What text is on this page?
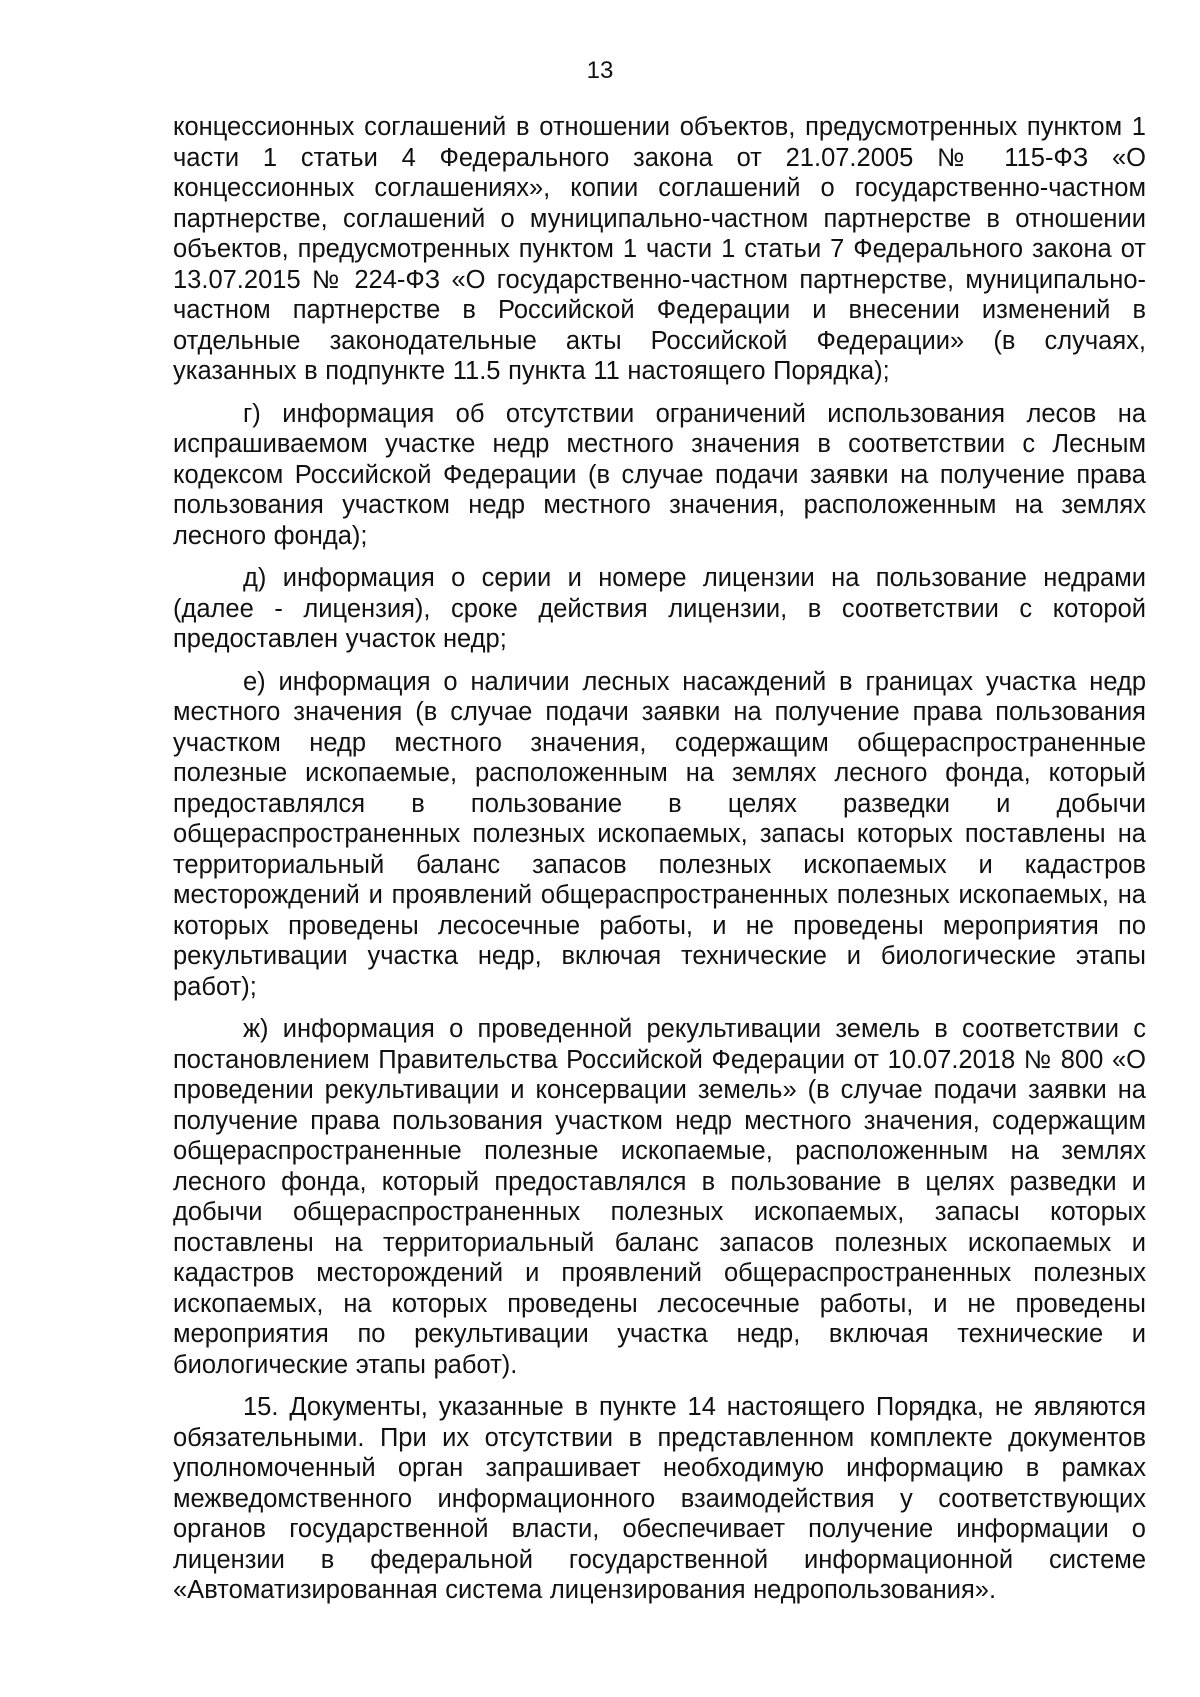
13

концессионных соглашений в отношении объектов, предусмотренных пунктом 1 части 1 статьи 4 Федерального закона от 21.07.2005 № 115-ФЗ «О концессионных соглашениях», копии соглашений о государственно-частном партнерстве, соглашений о муниципально-частном партнерстве в отношении объектов, предусмотренных пунктом 1 части 1 статьи 7 Федерального закона от 13.07.2015 № 224-ФЗ «О государственно-частном партнерстве, муниципально-частном партнерстве в Российской Федерации и внесении изменений в отдельные законодательные акты Российской Федерации» (в случаях, указанных в подпункте 11.5 пункта 11 настоящего Порядка);

г) информация об отсутствии ограничений использования лесов на испрашиваемом участке недр местного значения в соответствии с Лесным кодексом Российской Федерации (в случае подачи заявки на получение права пользования участком недр местного значения, расположенным на землях лесного фонда);

д) информация о серии и номере лицензии на пользование недрами (далее - лицензия), сроке действия лицензии, в соответствии с которой предоставлен участок недр;

е) информация о наличии лесных насаждений в границах участка недр местного значения (в случае подачи заявки на получение права пользования участком недр местного значения, содержащим общераспространенные полезные ископаемые, расположенным на землях лесного фонда, который предоставлялся в пользование в целях разведки и добычи общераспространенных полезных ископаемых, запасы которых поставлены на территориальный баланс запасов полезных ископаемых и кадастров месторождений и проявлений общераспространенных полезных ископаемых, на которых проведены лесосечные работы, и не проведены мероприятия по рекультивации участка недр, включая технические и биологические этапы работ);

ж) информация о проведенной рекультивации земель в соответствии с постановлением Правительства Российской Федерации от 10.07.2018 № 800 «О проведении рекультивации и консервации земель» (в случае подачи заявки на получение права пользования участком недр местного значения, содержащим общераспространенные полезные ископаемые, расположенным на землях лесного фонда, который предоставлялся в пользование в целях разведки и добычи общераспространенных полезных ископаемых, запасы которых поставлены на территориальный баланс запасов полезных ископаемых и кадастров месторождений и проявлений общераспространенных полезных ископаемых, на которых проведены лесосечные работы, и не проведены мероприятия по рекультивации участка недр, включая технические и биологические этапы работ).

15. Документы, указанные в пункте 14 настоящего Порядка, не являются обязательными. При их отсутствии в представленном комплекте документов уполномоченный орган запрашивает необходимую информацию в рамках межведомственного информационного взаимодействия у соответствующих органов государственной власти, обеспечивает получение информации о лицензии в федеральной государственной информационной системе «Автоматизированная система лицензирования недропользования».
